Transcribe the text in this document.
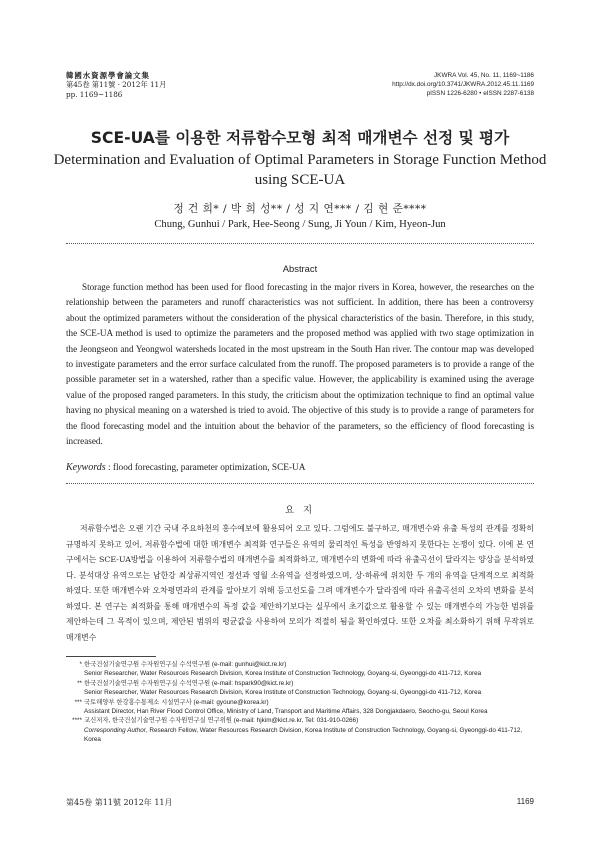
韓國水資源學會論文集
第45卷 第11號 · 2012年 11月
pp. 1169~1186
JKWRA Vol. 45, No. 11, 1169~1186
http://dx.doi.org/10.3741/JKWRA.2012.45.11.1169
pISSN 1226-6280 • eISSN 2287-6138
SCE-UA를 이용한 저류함수모형 최적 매개변수 선정 및 평가
Determination and Evaluation of Optimal Parameters in Storage Function Method using SCE-UA
정 건 희* / 박 희 성** / 성 지 연*** / 김 현 준****
Chung, Gunhui / Park, Hee-Seong / Sung, Ji Youn / Kim, Hyeon-Jun
Abstract

Storage function method has been used for flood forecasting in the major rivers in Korea, however, the researches on the relationship between the parameters and runoff characteristics was not sufficient. In addition, there has been a controversy about the optimized parameters without the consideration of the physical characteristics of the basin. Therefore, in this study, the SCE-UA method is used to optimize the parameters and the proposed method was applied with two stage optimization in the Jeongseon and Yeongwol watersheds located in the most upstream in the South Han river. The contour map was developed to investigate parameters and the error surface calculated from the runoff. The proposed parameters is to provide a range of the possible parameter set in a watershed, rather than a specific value. However, the applicability is examined using the average value of the proposed ranged parameters. In this study, the criticism about the optimization technique to find an optimal value having no physical meaning on a watershed is tried to avoid. The objective of this study is to provide a range of parameters for the flood forecasting model and the intuition about the behavior of the parameters, so the efficiency of flood forecasting is increased.

Keywords : flood forecasting, parameter optimization, SCE-UA
요 지

저류함수법은 오랜 기간 국내 주요하천의 홍수예보에 활용되어 오고 있다. 그럼에도 불구하고, 매개변수와 유출 특성의 관계를 정확히 규명하지 못하고 있어, 저류함수법에 대한 매개변수 최적화 연구들은 유역의 물리적인 특성을 반영하지 못한다는 논쟁이 있다. 이에 본 연구에서는 SCE-UA방법을 이용하여 저류함수법의 매개변수를 최적화하고, 매개변수의 변화에 따라 유출곡선이 달라지는 양상을 분석하였다. 분석대상 유역으로는 남한강 최상류지역인 정선과 영월 소유역을 선정하였으며, 상·하류에 위치한 두 개의 유역을 단계적으로 최적화 하였다. 또한 매개변수와 오차평면과의 관계를 알아보기 위해 등고선도를 그려 매개변수가 달라짐에 따라 유출곡선의 오차의 변화를 분석하였다. 본 연구는 최적화를 통해 매개변수의 특정 값을 제안하기보다는 실무에서 초기값으로 활용할 수 있는 매개변수의 가능한 범위를 제안하는데 그 목적이 있으며, 제안된 범위의 평균값을 사용하여 모의가 적절히 됨을 확인하였다. 또한 오차를 최소화하기 위해 무작위로 매개변수

* 한국건설기술연구원 수자원연구실 수석연구원 (e-mail: gunhui@kict.re.kr)
Senior Researcher, Water Resources Research Division, Korea Institute of Construction Technology, Goyang-si, Gyeonggi-do 411-712, Korea
** 한국건설기술연구원 수자원연구실 수석연구원 (e-mail: hspark90@kict.re.kr)
Senior Researcher, Water Resources Research Division, Korea Institute of Construction Technology, Goyang-si, Gyeonggi-do 411-712, Korea
*** 국토해양부 한강홍수통제소 시설연구사 (e-mail: gyoune@korea.kr)
Assistant Director, Han River Flood Control Office, Ministry of Land, Transport and Maritime Affairs, 328 Dongjakdaero, Seocho-gu, Seoul Korea
**** 교신저자, 한국건설기술연구원 수자원연구실 연구위원 (e-mail: hjkim@kict.re.kr, Tel: 031-910-0266)
Corresponding Author, Research Fellow, Water Resources Research Division, Korea Institute of Construction Technology, Goyang-si, Gyeonggi-do 411-712, Korea
第45卷 第11號 2012年 11月	1169
